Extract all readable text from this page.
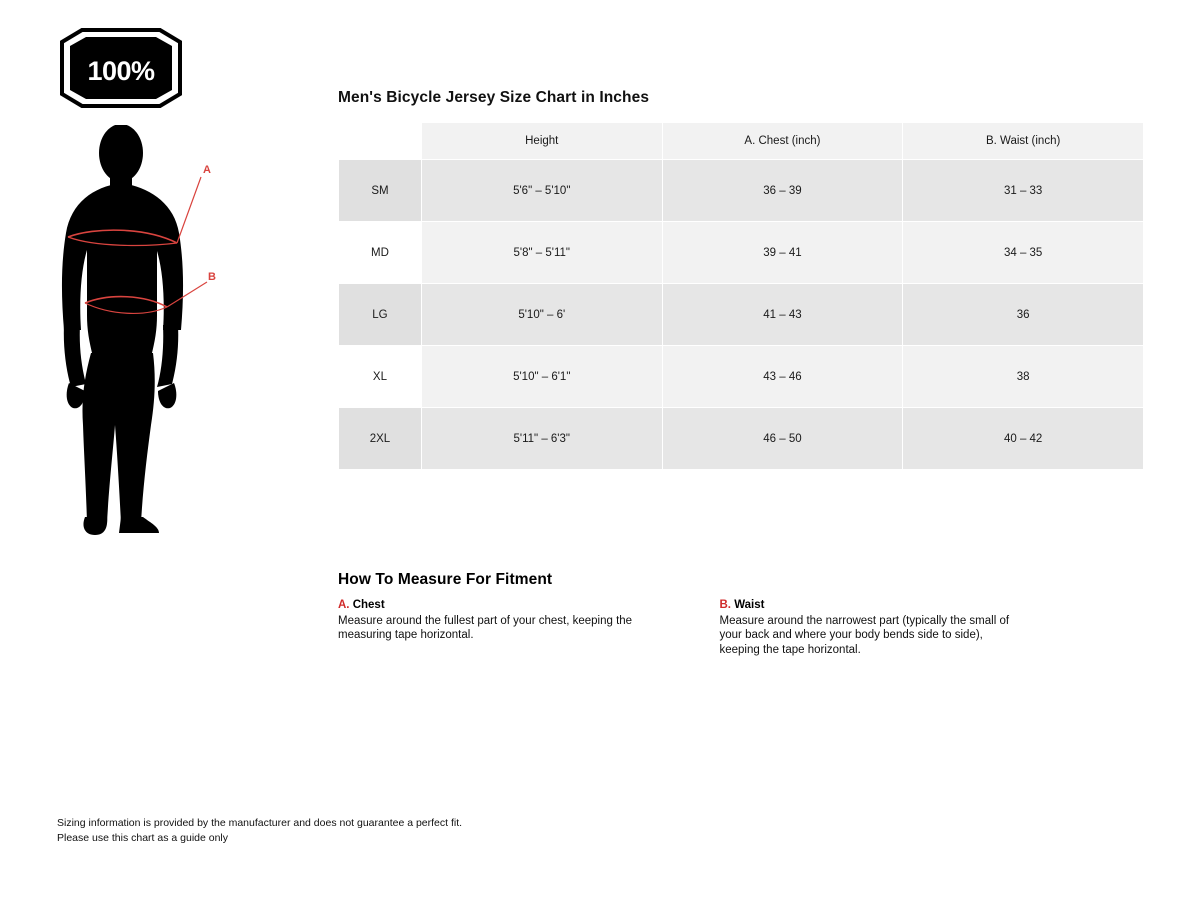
100%
A
B
Men's Bicycle Jersey Size Chart in Inches
	Height	A. Chest (inch)	B. Waist (inch)
SM	5'6" – 5'10"	36 – 39	31 – 33
MD	5'8" – 5'11"	39 – 41	34 – 35
LG	5'10" – 6'	41 – 43	36
XL	5'10" – 6'1"	43 – 46	38
2XL	5'11" – 6'3"	46 – 50	40 – 42
How To Measure For Fitment
A. Chest
Measure around the fullest part of your chest, keeping the measuring tape horizontal.
B. Waist
Measure around the narrowest part (typically the small of your back and where your body bends side to side), keeping the tape horizontal.
Sizing information is provided by the manufacturer and does not guarantee a perfect fit.
Please use this chart as a guide only
